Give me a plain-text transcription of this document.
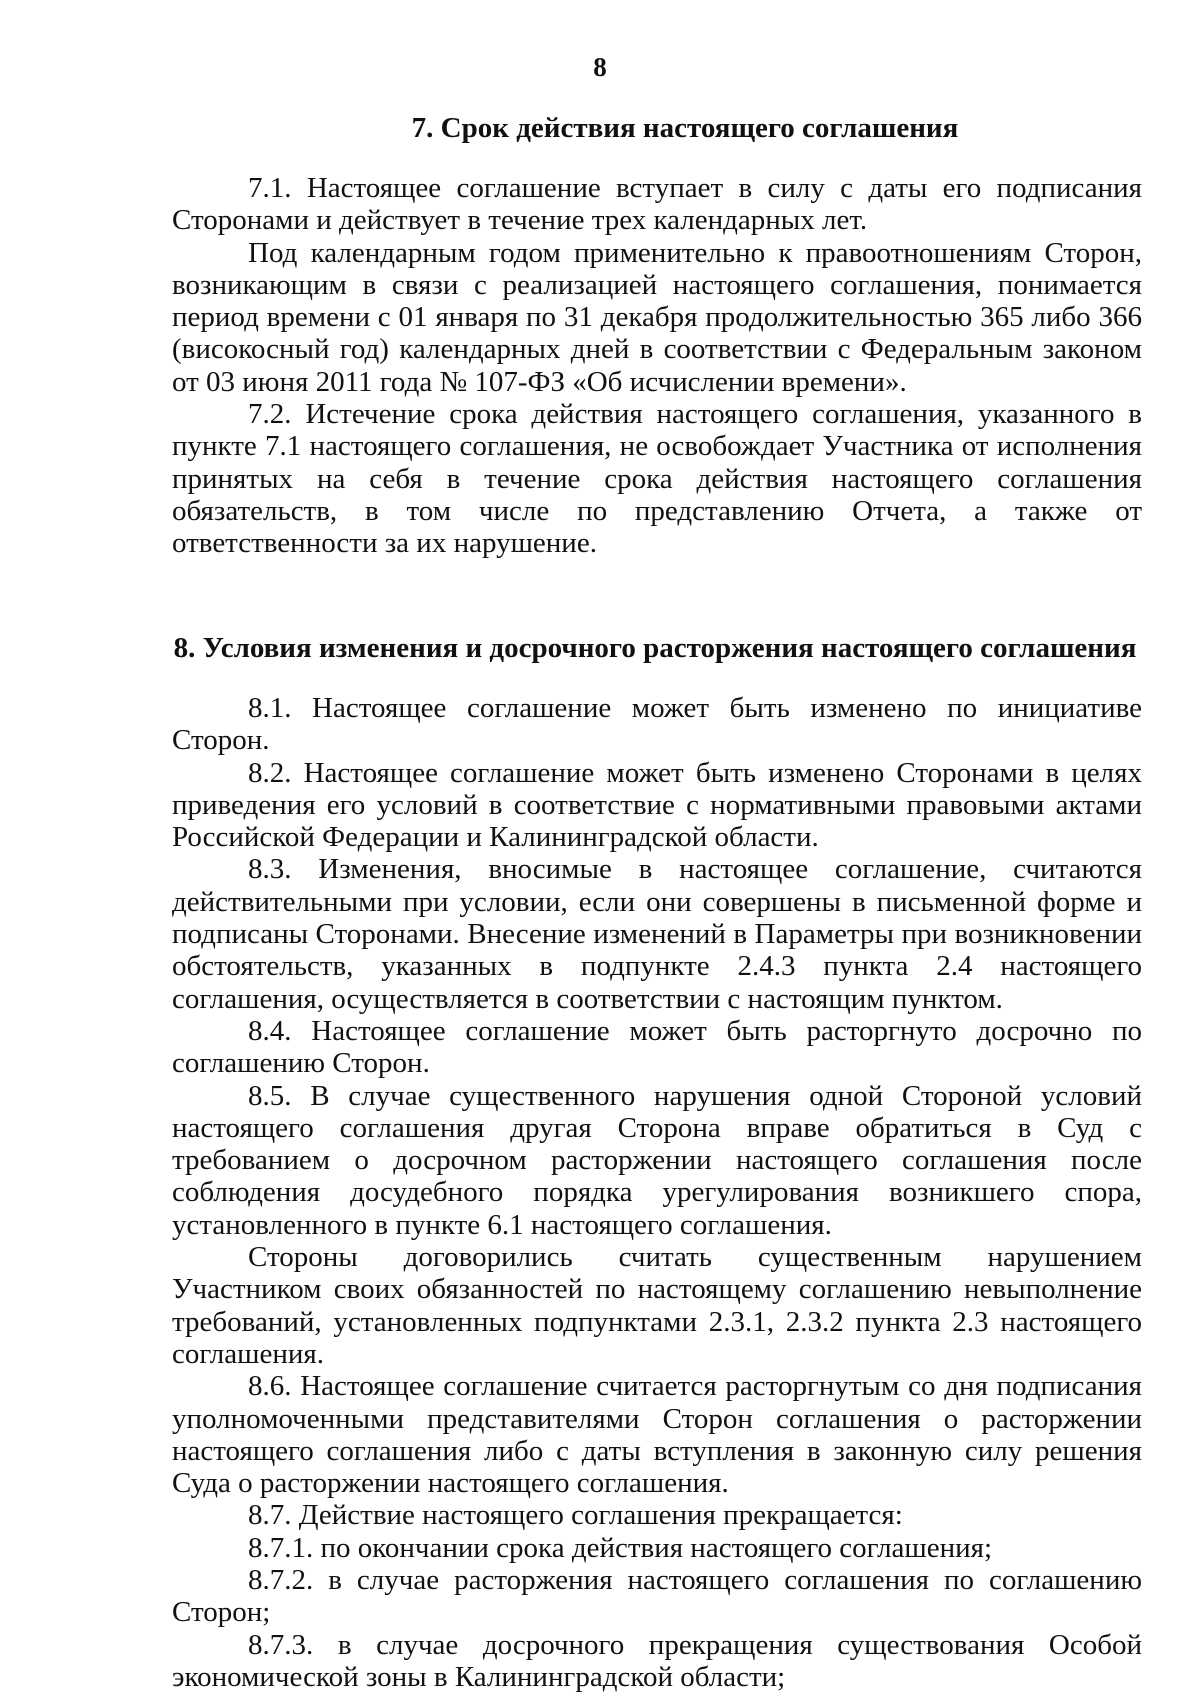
8
7. Срок действия настоящего соглашения

7.1. Настоящее соглашение вступает в силу с даты его подписания Сторонами и действует в течение трех календарных лет.

Под календарным годом применительно к правоотношениям Сторон, возникающим в связи с реализацией настоящего соглашения, понимается период времени с 01 января по 31 декабря продолжительностью 365 либо 366 (високосный год) календарных дней в соответствии с Федеральным законом от 03 июня 2011 года № 107-ФЗ «Об исчислении времени».

7.2. Истечение срока действия настоящего соглашения, указанного в пункте 7.1 настоящего соглашения, не освобождает Участника от исполнения принятых на себя в течение срока действия настоящего соглашения обязательств, в том числе по представлению Отчета, а также от ответственности за их нарушение.

8. Условия изменения и досрочного расторжения настоящего соглашения

8.1. Настоящее соглашение может быть изменено по инициативе Сторон.

8.2. Настоящее соглашение может быть изменено Сторонами в целях приведения его условий в соответствие с нормативными правовыми актами Российской Федерации и Калининградской области.

8.3. Изменения, вносимые в настоящее соглашение, считаются действительными при условии, если они совершены в письменной форме и подписаны Сторонами. Внесение изменений в Параметры при возникновении обстоятельств, указанных в подпункте 2.4.3 пункта 2.4 настоящего соглашения, осуществляется в соответствии с настоящим пунктом.

8.4. Настоящее соглашение может быть расторгнуто досрочно по соглашению Сторон.

8.5. В случае существенного нарушения одной Стороной условий настоящего соглашения другая Сторона вправе обратиться в Суд с требованием о досрочном расторжении настоящего соглашения после соблюдения досудебного порядка урегулирования возникшего спора, установленного в пункте 6.1 настоящего соглашения.

Стороны договорились считать существенным нарушением Участником своих обязанностей по настоящему соглашению невыполнение требований, установленных подпунктами 2.3.1, 2.3.2 пункта 2.3 настоящего соглашения.

8.6. Настоящее соглашение считается расторгнутым со дня подписания уполномоченными представителями Сторон соглашения о расторжении настоящего соглашения либо с даты вступления в законную силу решения Суда о расторжении настоящего соглашения.

8.7. Действие настоящего соглашения прекращается:

8.7.1. по окончании срока действия настоящего соглашения;

8.7.2. в случае расторжения настоящего соглашения по соглашению Сторон;

8.7.3. в случае досрочного прекращения существования Особой экономической зоны в Калининградской области;
